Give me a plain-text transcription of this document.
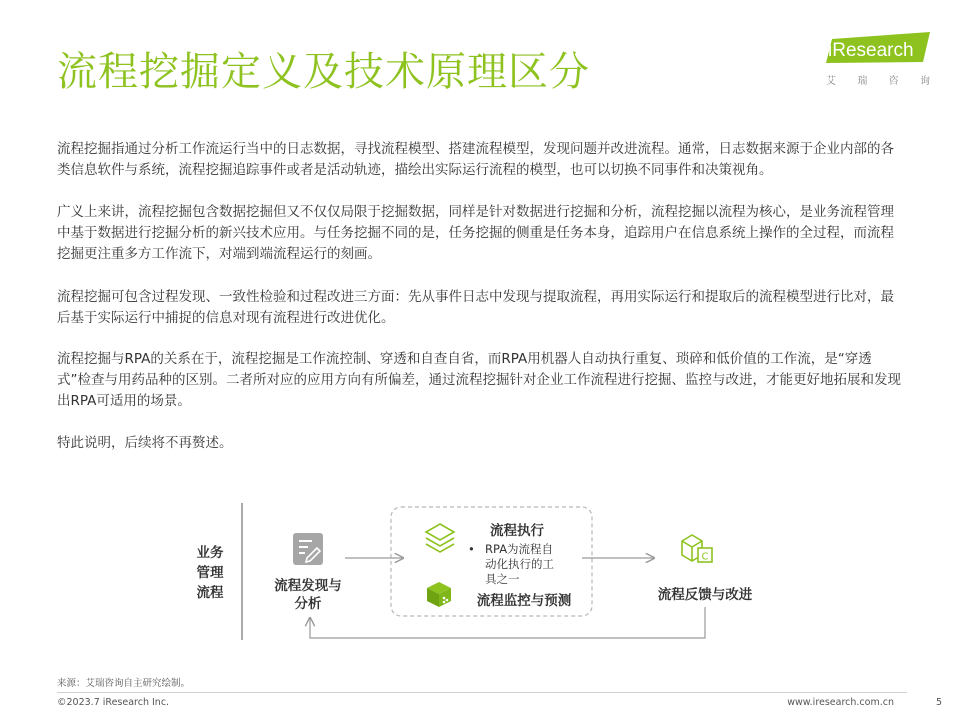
流程挖掘定义及技术原理区分	iResearch
艾 瑞 咨 询

流程挖掘指通过分析工作流运行当中的日志数据，寻找流程模型、搭建流程模型，发现问题并改进流程。通常，日志数据来源于企业内部的各类信息软件与系统，流程挖掘追踪事件或者是活动轨迹，描绘出实际运行流程的模型，也可以切换不同事件和决策视角。

广义上来讲，流程挖掘包含数据挖掘但又不仅仅局限于挖掘数据，同样是针对数据进行挖掘和分析，流程挖掘以流程为核心，是业务流程管理中基于数据进行挖掘分析的新兴技术应用。与任务挖掘不同的是，任务挖掘的侧重是任务本身，追踪用户在信息系统上操作的全过程，而流程挖掘更注重多方工作流下，对端到端流程运行的刻画。

流程挖掘可包含过程发现、一致性检验和过程改进三方面：先从事件日志中发现与提取流程，再用实际运行和提取后的流程模型进行比对，最后基于实际运行中捕捉的信息对现有流程进行改进优化。

流程挖掘与RPA的关系在于，流程挖掘是工作流控制、穿透和自查自省，而RPA用机器人自动执行重复、琐碎和低价值的工作流，是“穿透式”检查与用药品种的区别。二者所对应的应用方向有所偏差，通过流程挖掘针对企业工作流程进行挖掘、监控与改进，才能更好地拓展和发现出RPA可适用的场景。

特此说明，后续将不再赘述。

业务
管理
流程	流程发现与
分析
流程执行
• RPA为流程自动化执行的工具之一
流程监控与预测
C
流程反馈与改进
来源：艾瑞咨询自主研究绘制。
©2023.7 iResearch Inc.	www.iresearch.com.cn	5
